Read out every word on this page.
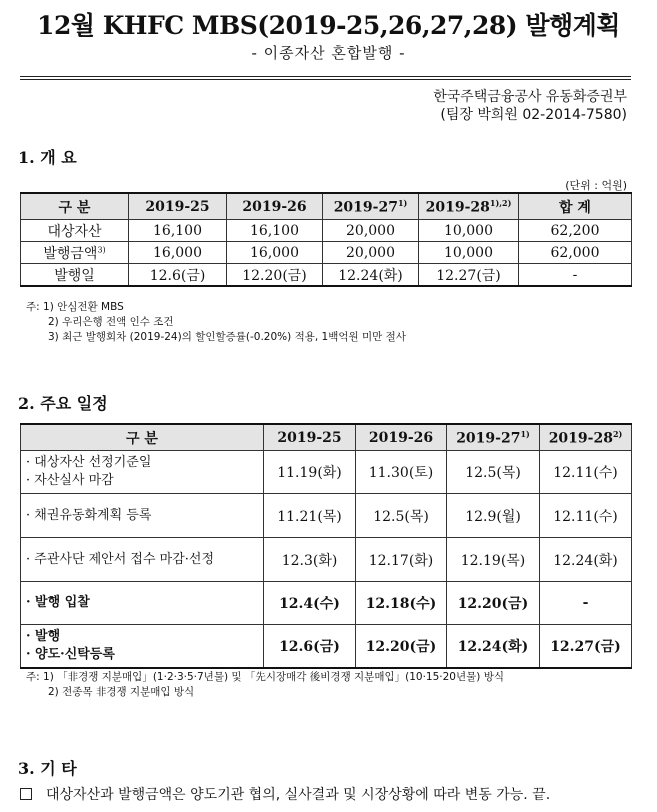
12월 KHFC MBS(2019-25,26,27,28) 발행계획
- 이종자산 혼합발행 -
한국주택금융공사 유동화증권부
(팀장 박희원 02-2014-7580)
1. 개 요
(단위 : 억원)
구 분	2019-25	2019-26	2019-27$^{1)}$	$2019-28^{1),2)}$	합 계
대상자산	16,100	16,100	20,000	10,000	62,200
발행금액$^{3)}$	16,000	16,000	20,000	10,000	62,000
발행일	12.6(금)	12.20(금)	12.24(화)	12.27(금)	-
주: 1) 안심전환 MBS
2) 우리은행 전액 인수 조건
3) 최근 발행회차 (2019-24)의 할인할증률(-0.20%) 적용, 1백억원 미만 절사
2. 주요 일정
구 분	2019-25	2019-26	2019-27$^{1)}$	2019-28$^{2)}$

· 대상자산 선정기준일
· 자산실사 마감	11.19(화)	11.30(토)	12.5(목)	12.11(수)

· 채권유동화계획 등록	11.21(목)	12.5(목)	12.9(월)	12.11(수)

· 주관사단 제안서 접수 마감·선정	12.3(화)	12.17(화)	12.19(목)	12.24(화)

· 발행 입찰	12.4(수)	12.18(수)	12.20(금)	-

· 발행
· 양도·신탁등록	12.6(금)	12.20(금)	12.24(화)	12.27(금)
주: 1) 「非경쟁 지분매입」(1·2·3·5·7년물) 및 「先시장매각 後비경쟁 지분매입」(10·15·20년물) 방식
2) 전종목 非경쟁 지분매입 방식
3. 기 타
대상자산과 발행금액은 양도기관 협의, 실사결과 및 시장상황에 따라 변동 가능. 끝.
